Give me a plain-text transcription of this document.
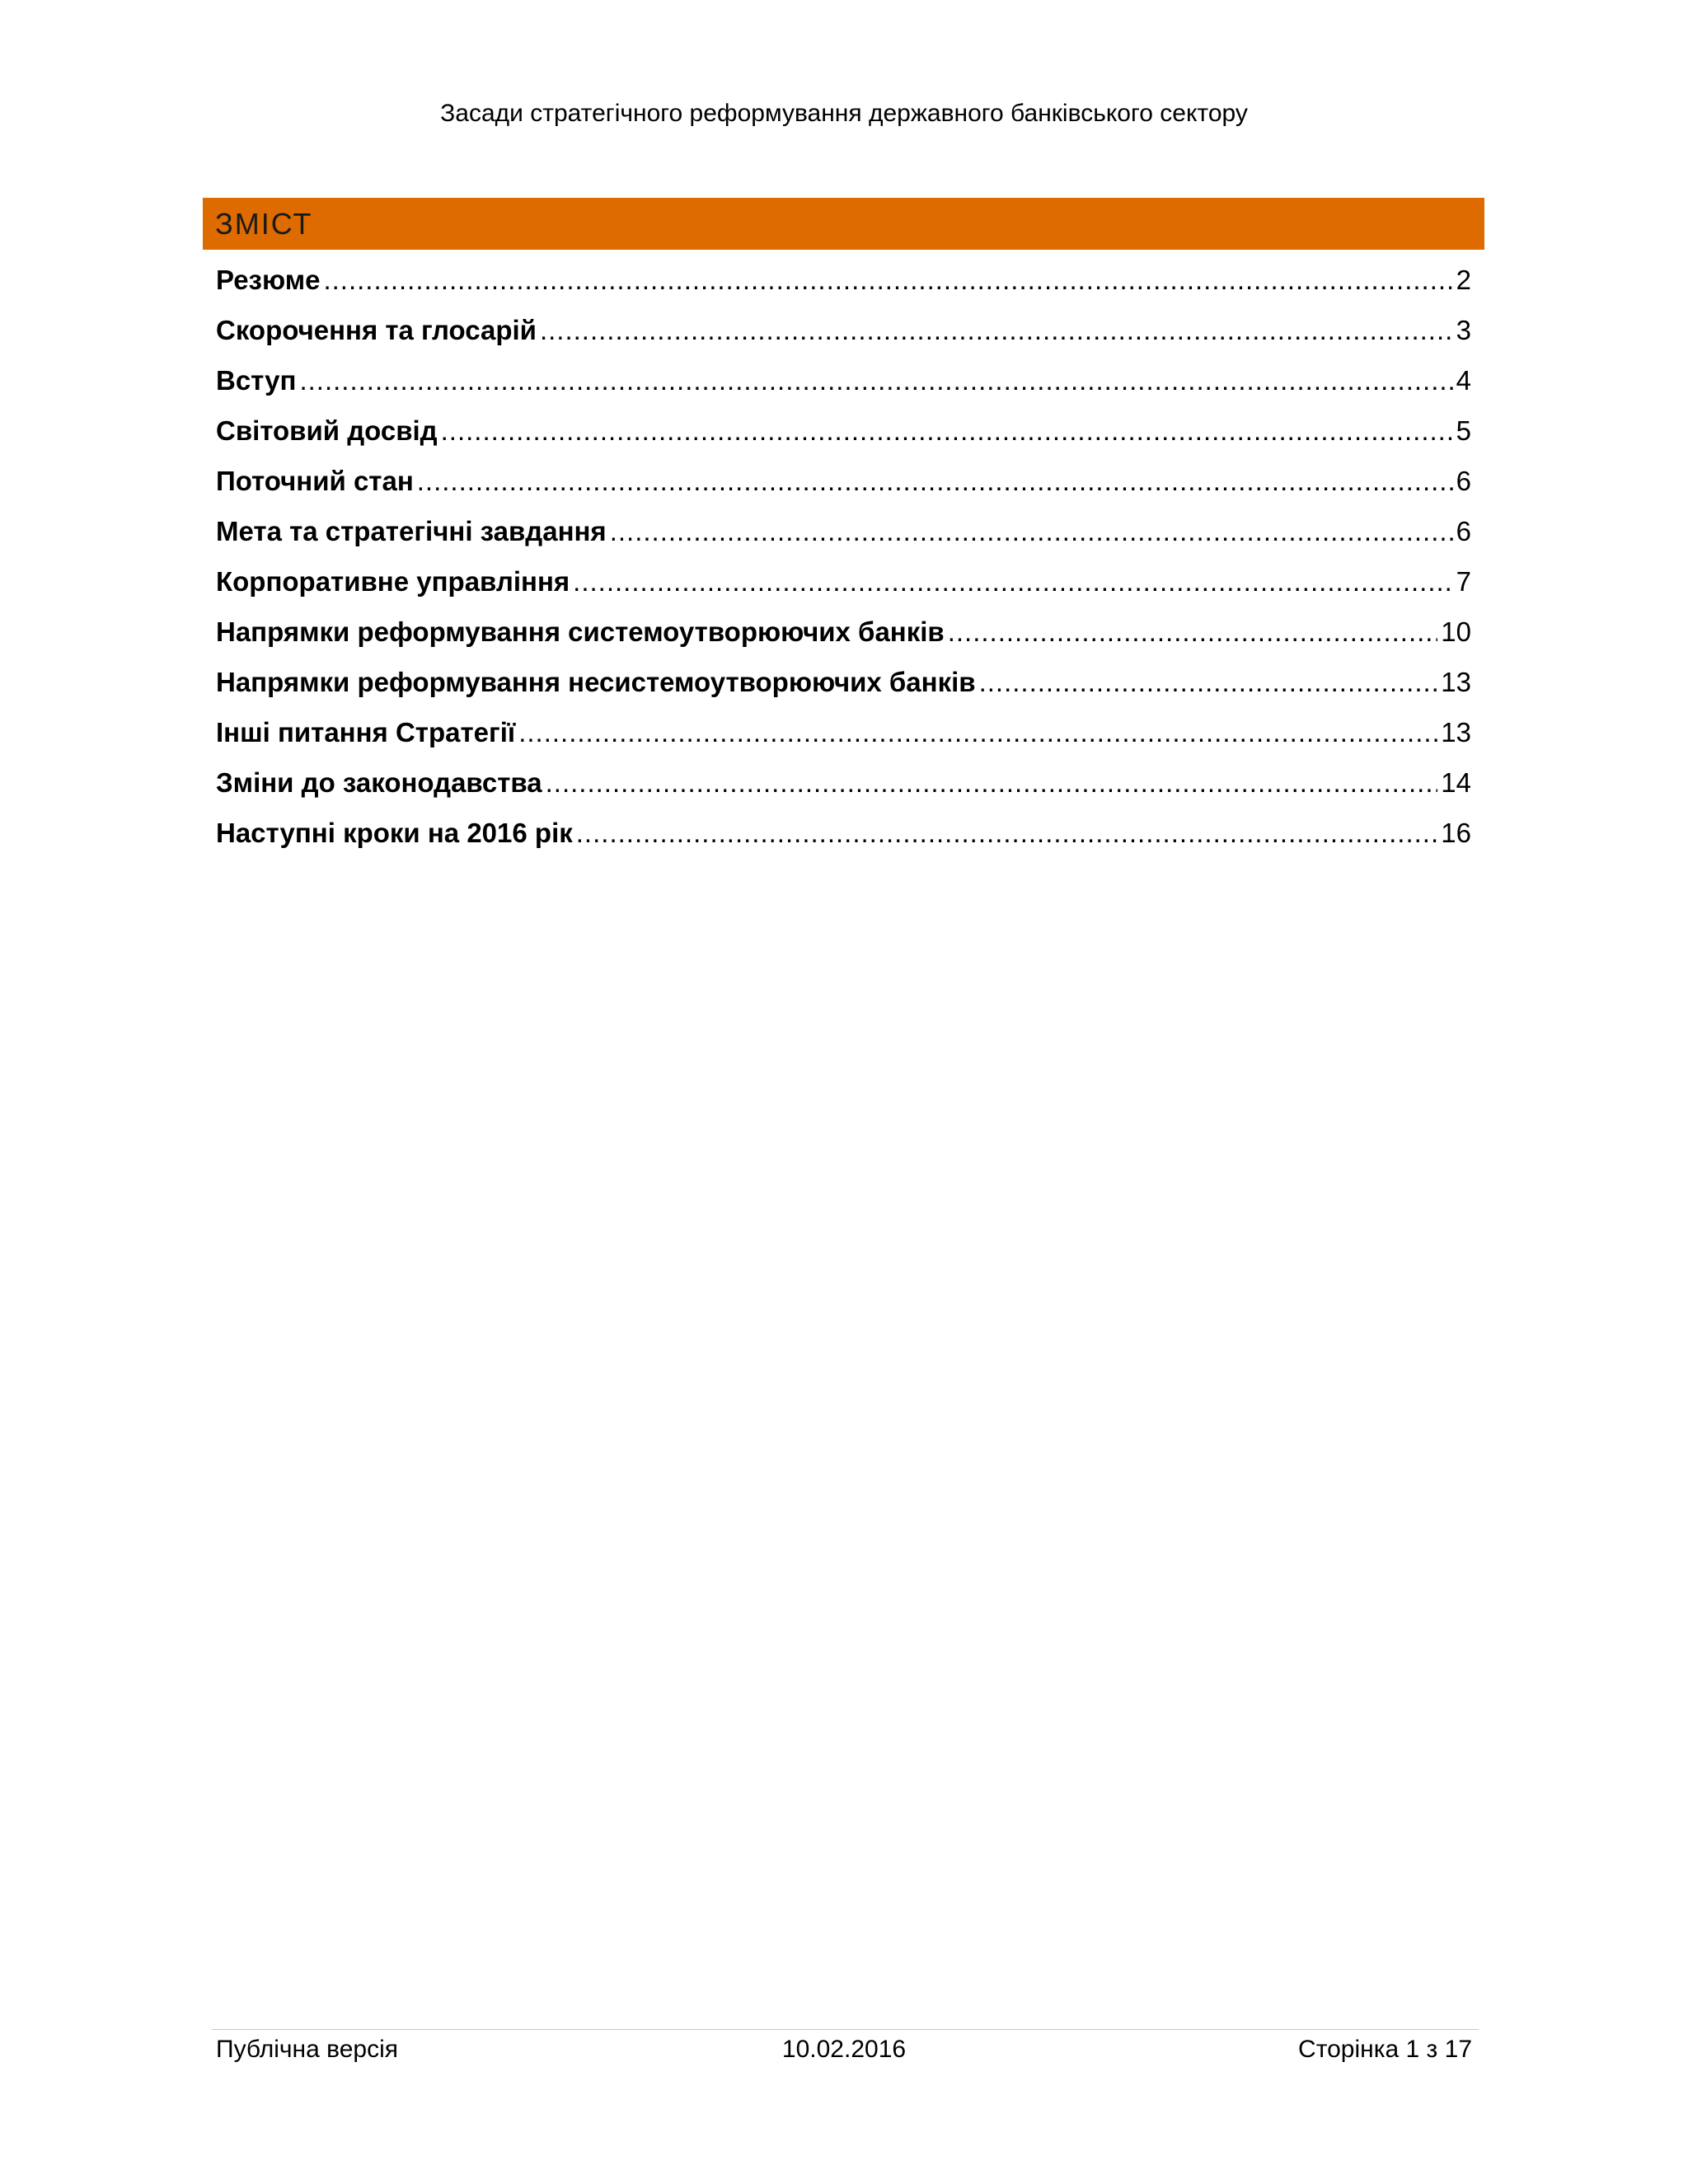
Засади стратегічного реформування державного банківського сектору
ЗМІСТ
Резюме .....	2
Скорочення та глосарій .....	3
Вступ .....	4
Світовий досвід .....	5
Поточний стан .....	6
Мета та стратегічні завдання .....	6
Корпоративне управління .....	7
Напрямки реформування системоутворюючих банків .....	10
Напрямки реформування несистемоутворюючих банків .....	13
Інші питання Стратегії .....	13
Зміни до законодавства .....	14
Наступні кроки на 2016 рік .....	16
Публічна версія	10.02.2016	Сторінка 1 з 17
